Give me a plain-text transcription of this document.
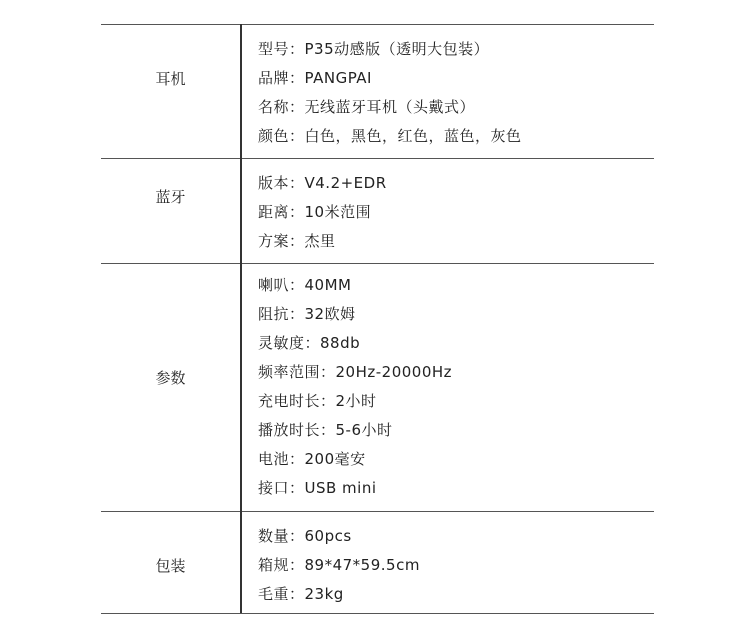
耳机
型号：P35动感版（透明大包装）
品牌：PANGPAI
名称：无线蓝牙耳机（头戴式）
颜色：白色，黑色，红色，蓝色，灰色
蓝牙
版本：V4.2+EDR
距离：10米范围
方案：杰里
参数
喇叭：40MM
阻抗：32欧姆
灵敏度：88db
频率范围：20Hz-20000Hz
充电时长：2小时
播放时长：5-6小时
电池：200毫安
接口：USB mini
包装
数量：60pcs
箱规：89*47*59.5cm
毛重：23kg
